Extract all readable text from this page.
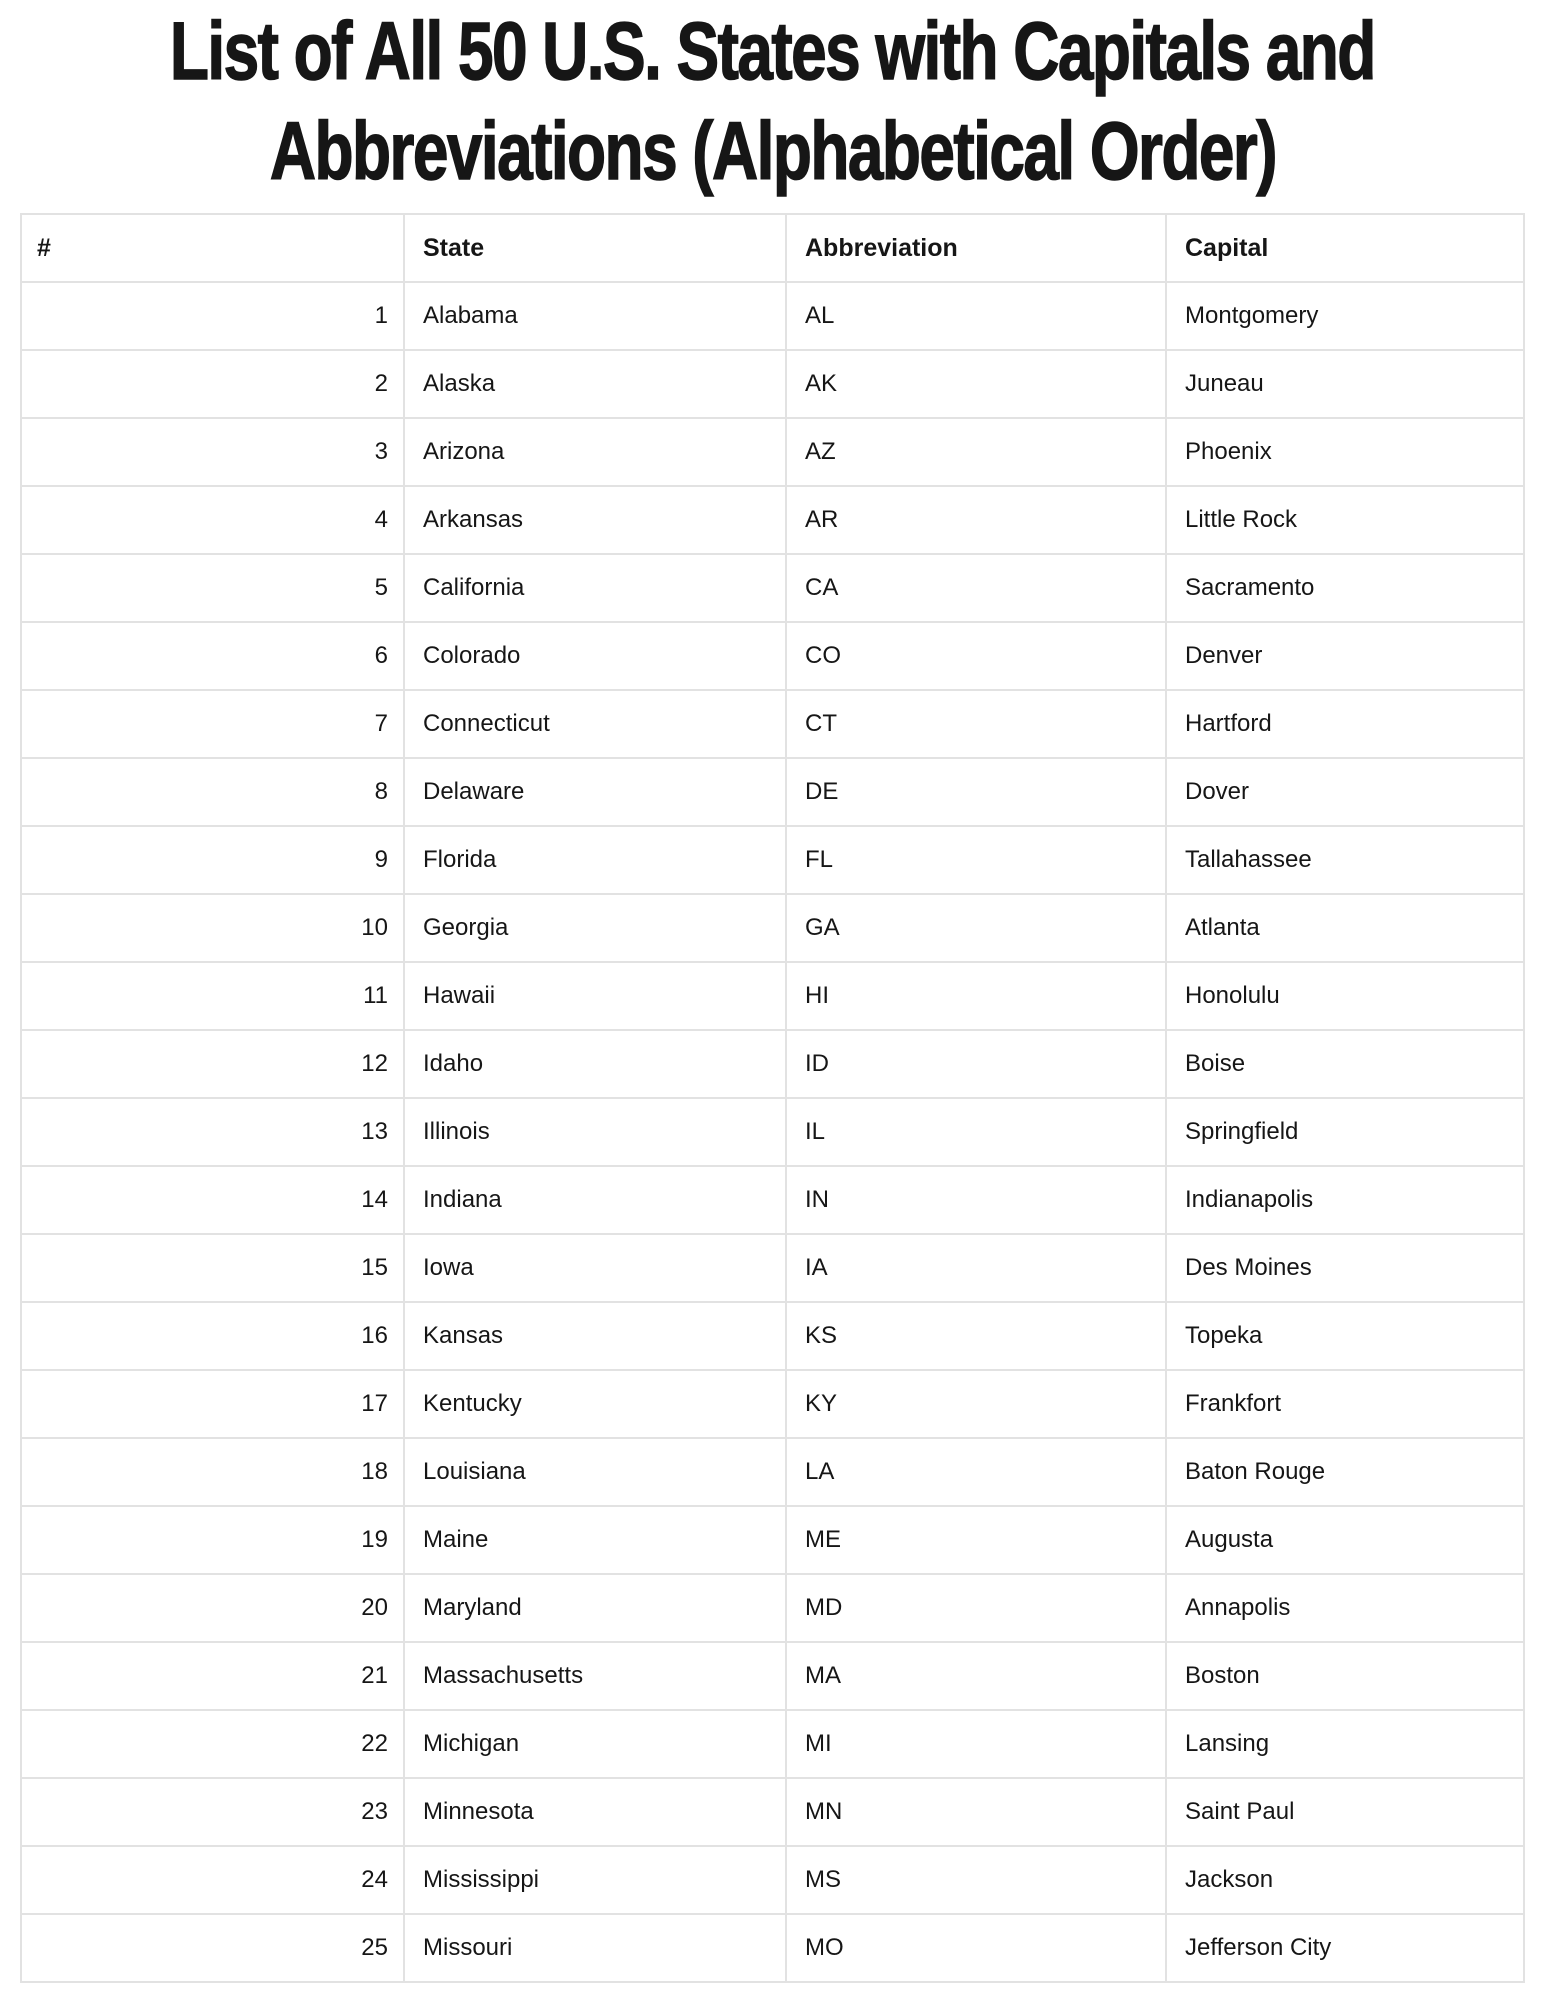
List of All 50 U.S. States with Capitals and
Abbreviations (Alphabetical Order)
#	State	Abbreviation	Capital
1	Alabama	AL	Montgomery
2	Alaska	AK	Juneau
3	Arizona	AZ	Phoenix
4	Arkansas	AR	Little Rock
5	California	CA	Sacramento
6	Colorado	CO	Denver
7	Connecticut	CT	Hartford
8	Delaware	DE	Dover
9	Florida	FL	Tallahassee
10	Georgia	GA	Atlanta
11	Hawaii	HI	Honolulu
12	Idaho	ID	Boise
13	Illinois	IL	Springfield
14	Indiana	IN	Indianapolis
15	Iowa	IA	Des Moines
16	Kansas	KS	Topeka
17	Kentucky	KY	Frankfort
18	Louisiana	LA	Baton Rouge
19	Maine	ME	Augusta
20	Maryland	MD	Annapolis
21	Massachusetts	MA	Boston
22	Michigan	MI	Lansing
23	Minnesota	MN	Saint Paul
24	Mississippi	MS	Jackson
25	Missouri	MO	Jefferson City
